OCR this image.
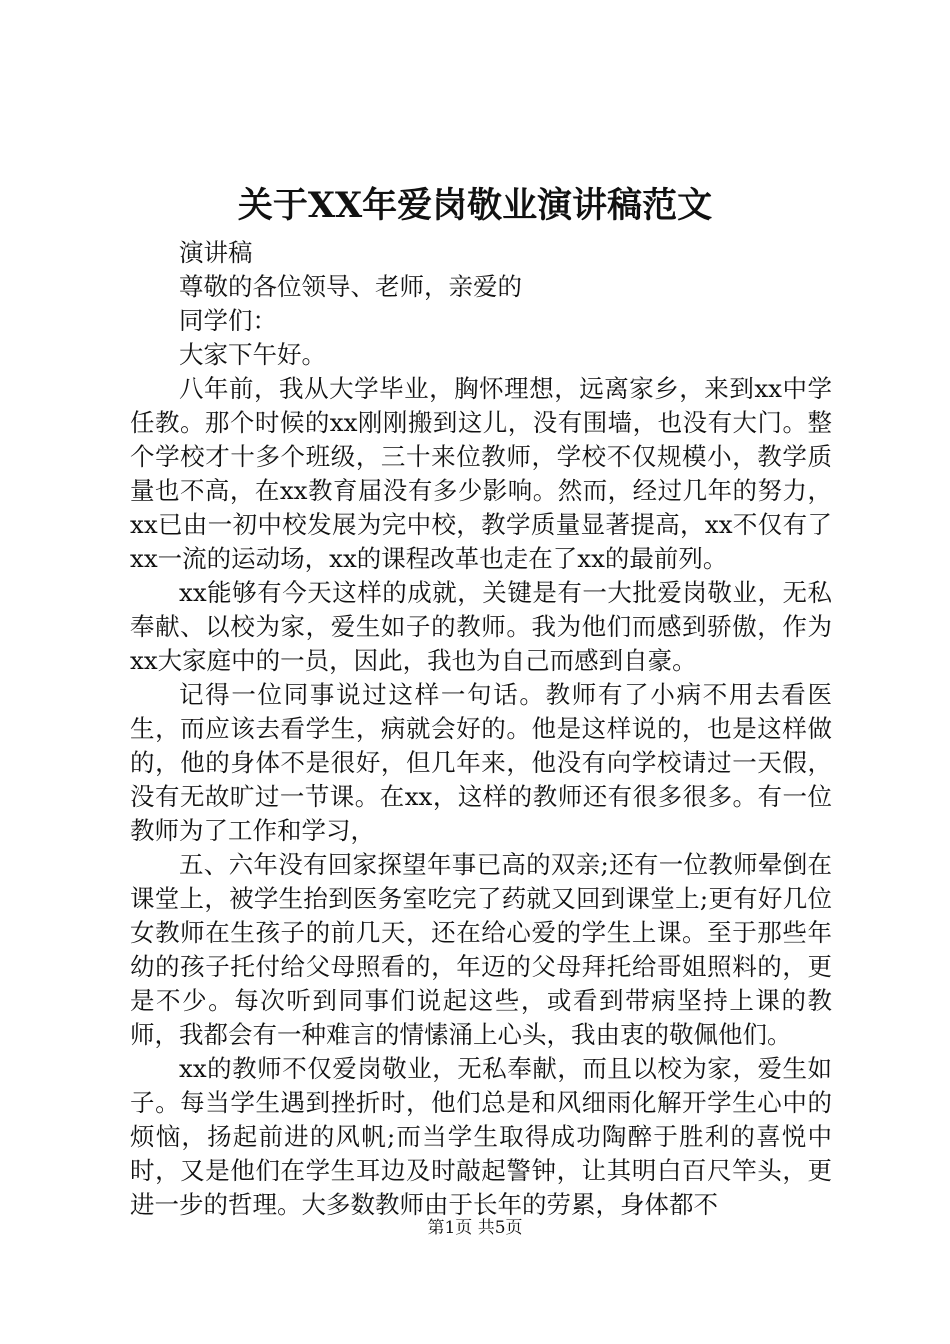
关于XX年爱岗敬业演讲稿范文

演讲稿

尊敬的各位领导、老师，亲爱的

同学们：

大家下午好。

八年前，我从大学毕业，胸怀理想，远离家乡，来到xx中学任教。那个时候的xx刚刚搬到这儿，没有围墙，也没有大门。整个学校才十多个班级，三十来位教师，学校不仅规模小，教学质量也不高，在xx教育届没有多少影响。然而，经过几年的努力，xx已由一初中校发展为完中校，教学质量显著提高，xx不仅有了xx一流的运动场，xx的课程改革也走在了xx的最前列。

xx能够有今天这样的成就，关键是有一大批爱岗敬业，无私奉献、以校为家，爱生如子的教师。我为他们而感到骄傲，作为xx大家庭中的一员，因此，我也为自己而感到自豪。

记得一位同事说过这样一句话。教师有了小病不用去看医生，而应该去看学生，病就会好的。他是这样说的，也是这样做的，他的身体不是很好，但几年来，他没有向学校请过一天假，没有无故旷过一节课。在xx，这样的教师还有很多很多。有一位教师为了工作和学习，

五、六年没有回家探望年事已高的双亲;还有一位教师晕倒在课堂上，被学生抬到医务室吃完了药就又回到课堂上;更有好几位女教师在生孩子的前几天，还在给心爱的学生上课。至于那些年幼的孩子托付给父母照看的，年迈的父母拜托给哥姐照料的，更是不少。每次听到同事们说起这些，或看到带病坚持上课的教师，我都会有一种难言的情愫涌上心头，我由衷的敬佩他们。

xx的教师不仅爱岗敬业，无私奉献，而且以校为家，爱生如子。每当学生遇到挫折时，他们总是和风细雨化解开学生心中的烦恼，扬起前进的风帆;而当学生取得成功陶醉于胜利的喜悦中时，又是他们在学生耳边及时敲起警钟，让其明白百尺竿头，更进一步的哲理。大多数教师由于长年的劳累，身体都不

第1页 共5页
